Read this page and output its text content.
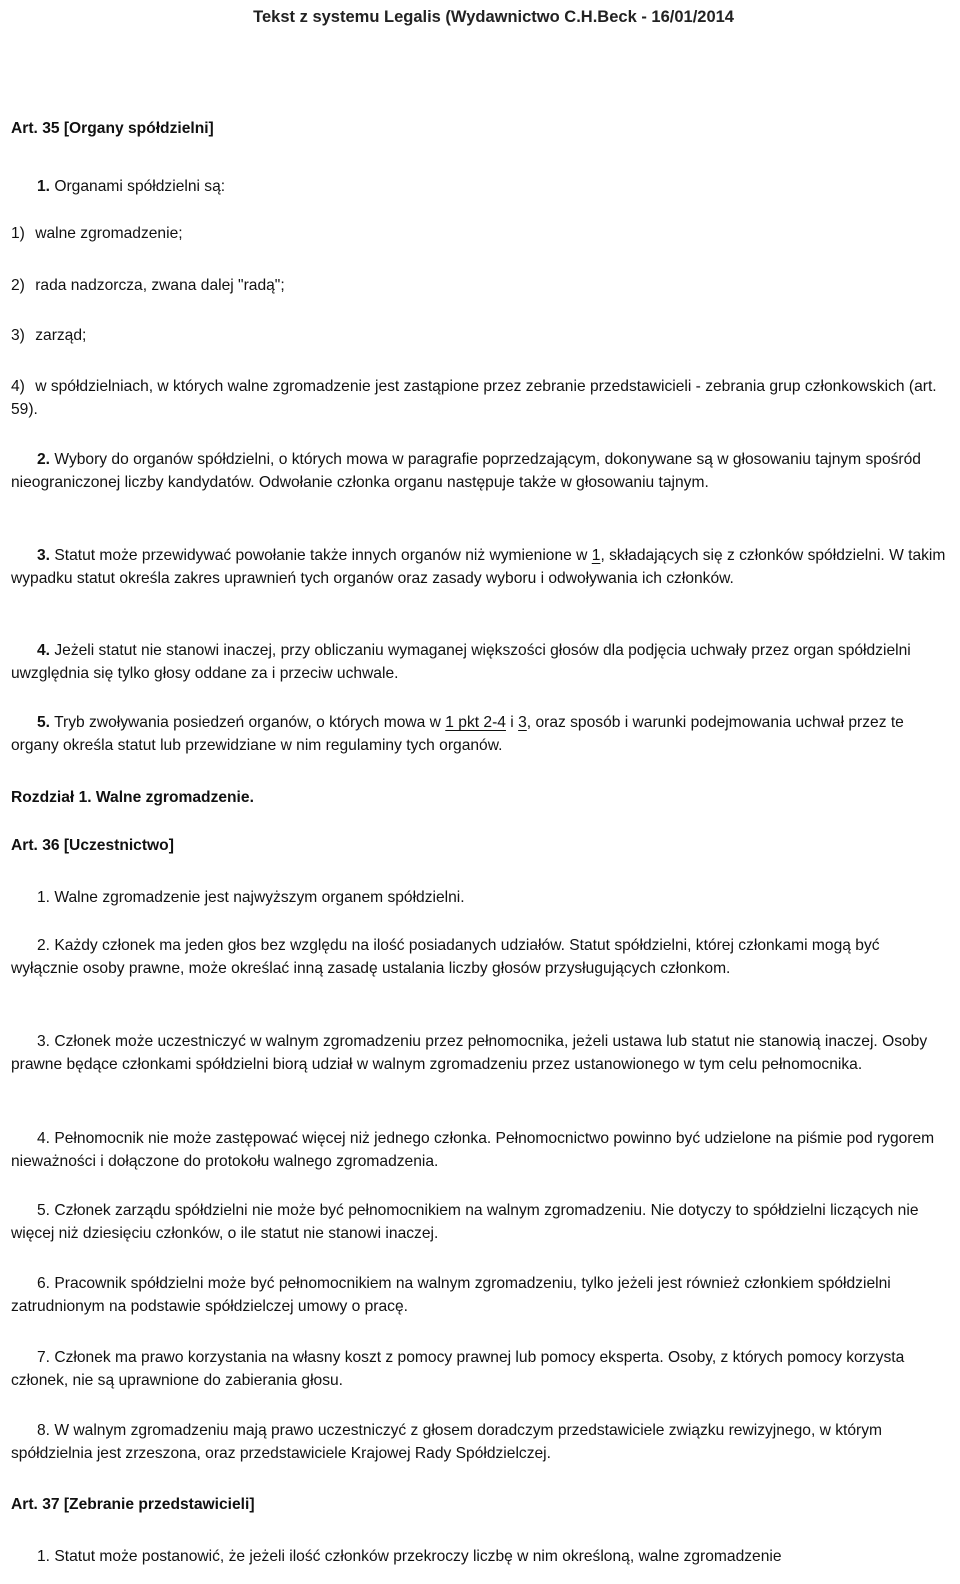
Tekst z systemu Legalis (Wydawnictwo C.H.Beck - 16/01/2014
Art. 35 [Organy spółdzielni]
1. Organami spółdzielni są:
1) walne zgromadzenie;
2) rada nadzorcza, zwana dalej "radą";
3) zarząd;
4) w spółdzielniach, w których walne zgromadzenie jest zastąpione przez zebranie przedstawicieli - zebrania grup członkowskich (art. 59).
2. Wybory do organów spółdzielni, o których mowa w paragrafie poprzedzającym, dokonywane są w głosowaniu tajnym spośród nieograniczonej liczby kandydatów. Odwołanie członka organu następuje także w głosowaniu tajnym.
3. Statut może przewidywać powołanie także innych organów niż wymienione w 1, składających się z członków spółdzielni. W takim wypadku statut określa zakres uprawnień tych organów oraz zasady wyboru i odwoływania ich członków.
4. Jeżeli statut nie stanowi inaczej, przy obliczaniu wymaganej większości głosów dla podjęcia uchwały przez organ spółdzielni uwzględnia się tylko głosy oddane za i przeciw uchwale.
5. Tryb zwoływania posiedzeń organów, o których mowa w 1 pkt 2-4 i 3, oraz sposób i warunki podejmowania uchwał przez te organy określa statut lub przewidziane w nim regulaminy tych organów.
Rozdział 1. Walne zgromadzenie.
Art. 36 [Uczestnictwo]
1. Walne zgromadzenie jest najwyższym organem spółdzielni.
2. Każdy członek ma jeden głos bez względu na ilość posiadanych udziałów. Statut spółdzielni, której członkami mogą być wyłącznie osoby prawne, może określać inną zasadę ustalania liczby głosów przysługujących członkom.
3. Członek może uczestniczyć w walnym zgromadzeniu przez pełnomocnika, jeżeli ustawa lub statut nie stanowią inaczej. Osoby prawne będące członkami spółdzielni biorą udział w walnym zgromadzeniu przez ustanowionego w tym celu pełnomocnika.
4. Pełnomocnik nie może zastępować więcej niż jednego członka. Pełnomocnictwo powinno być udzielone na piśmie pod rygorem nieważności i dołączone do protokołu walnego zgromadzenia.
5. Członek zarządu spółdzielni nie może być pełnomocnikiem na walnym zgromadzeniu. Nie dotyczy to spółdzielni liczących nie więcej niż dziesięciu członków, o ile statut nie stanowi inaczej.
6. Pracownik spółdzielni może być pełnomocnikiem na walnym zgromadzeniu, tylko jeżeli jest również członkiem spółdzielni zatrudnionym na podstawie spółdzielczej umowy o pracę.
7. Członek ma prawo korzystania na własny koszt z pomocy prawnej lub pomocy eksperta. Osoby, z których pomocy korzysta członek, nie są uprawnione do zabierania głosu.
8. W walnym zgromadzeniu mają prawo uczestniczyć z głosem doradczym przedstawiciele związku rewizyjnego, w którym spółdzielnia jest zrzeszona, oraz przedstawiciele Krajowej Rady Spółdzielczej.
Art. 37 [Zebranie przedstawicieli]
1. Statut może postanowić, że jeżeli ilość członków przekroczy liczbę w nim określoną, walne zgromadzenie
